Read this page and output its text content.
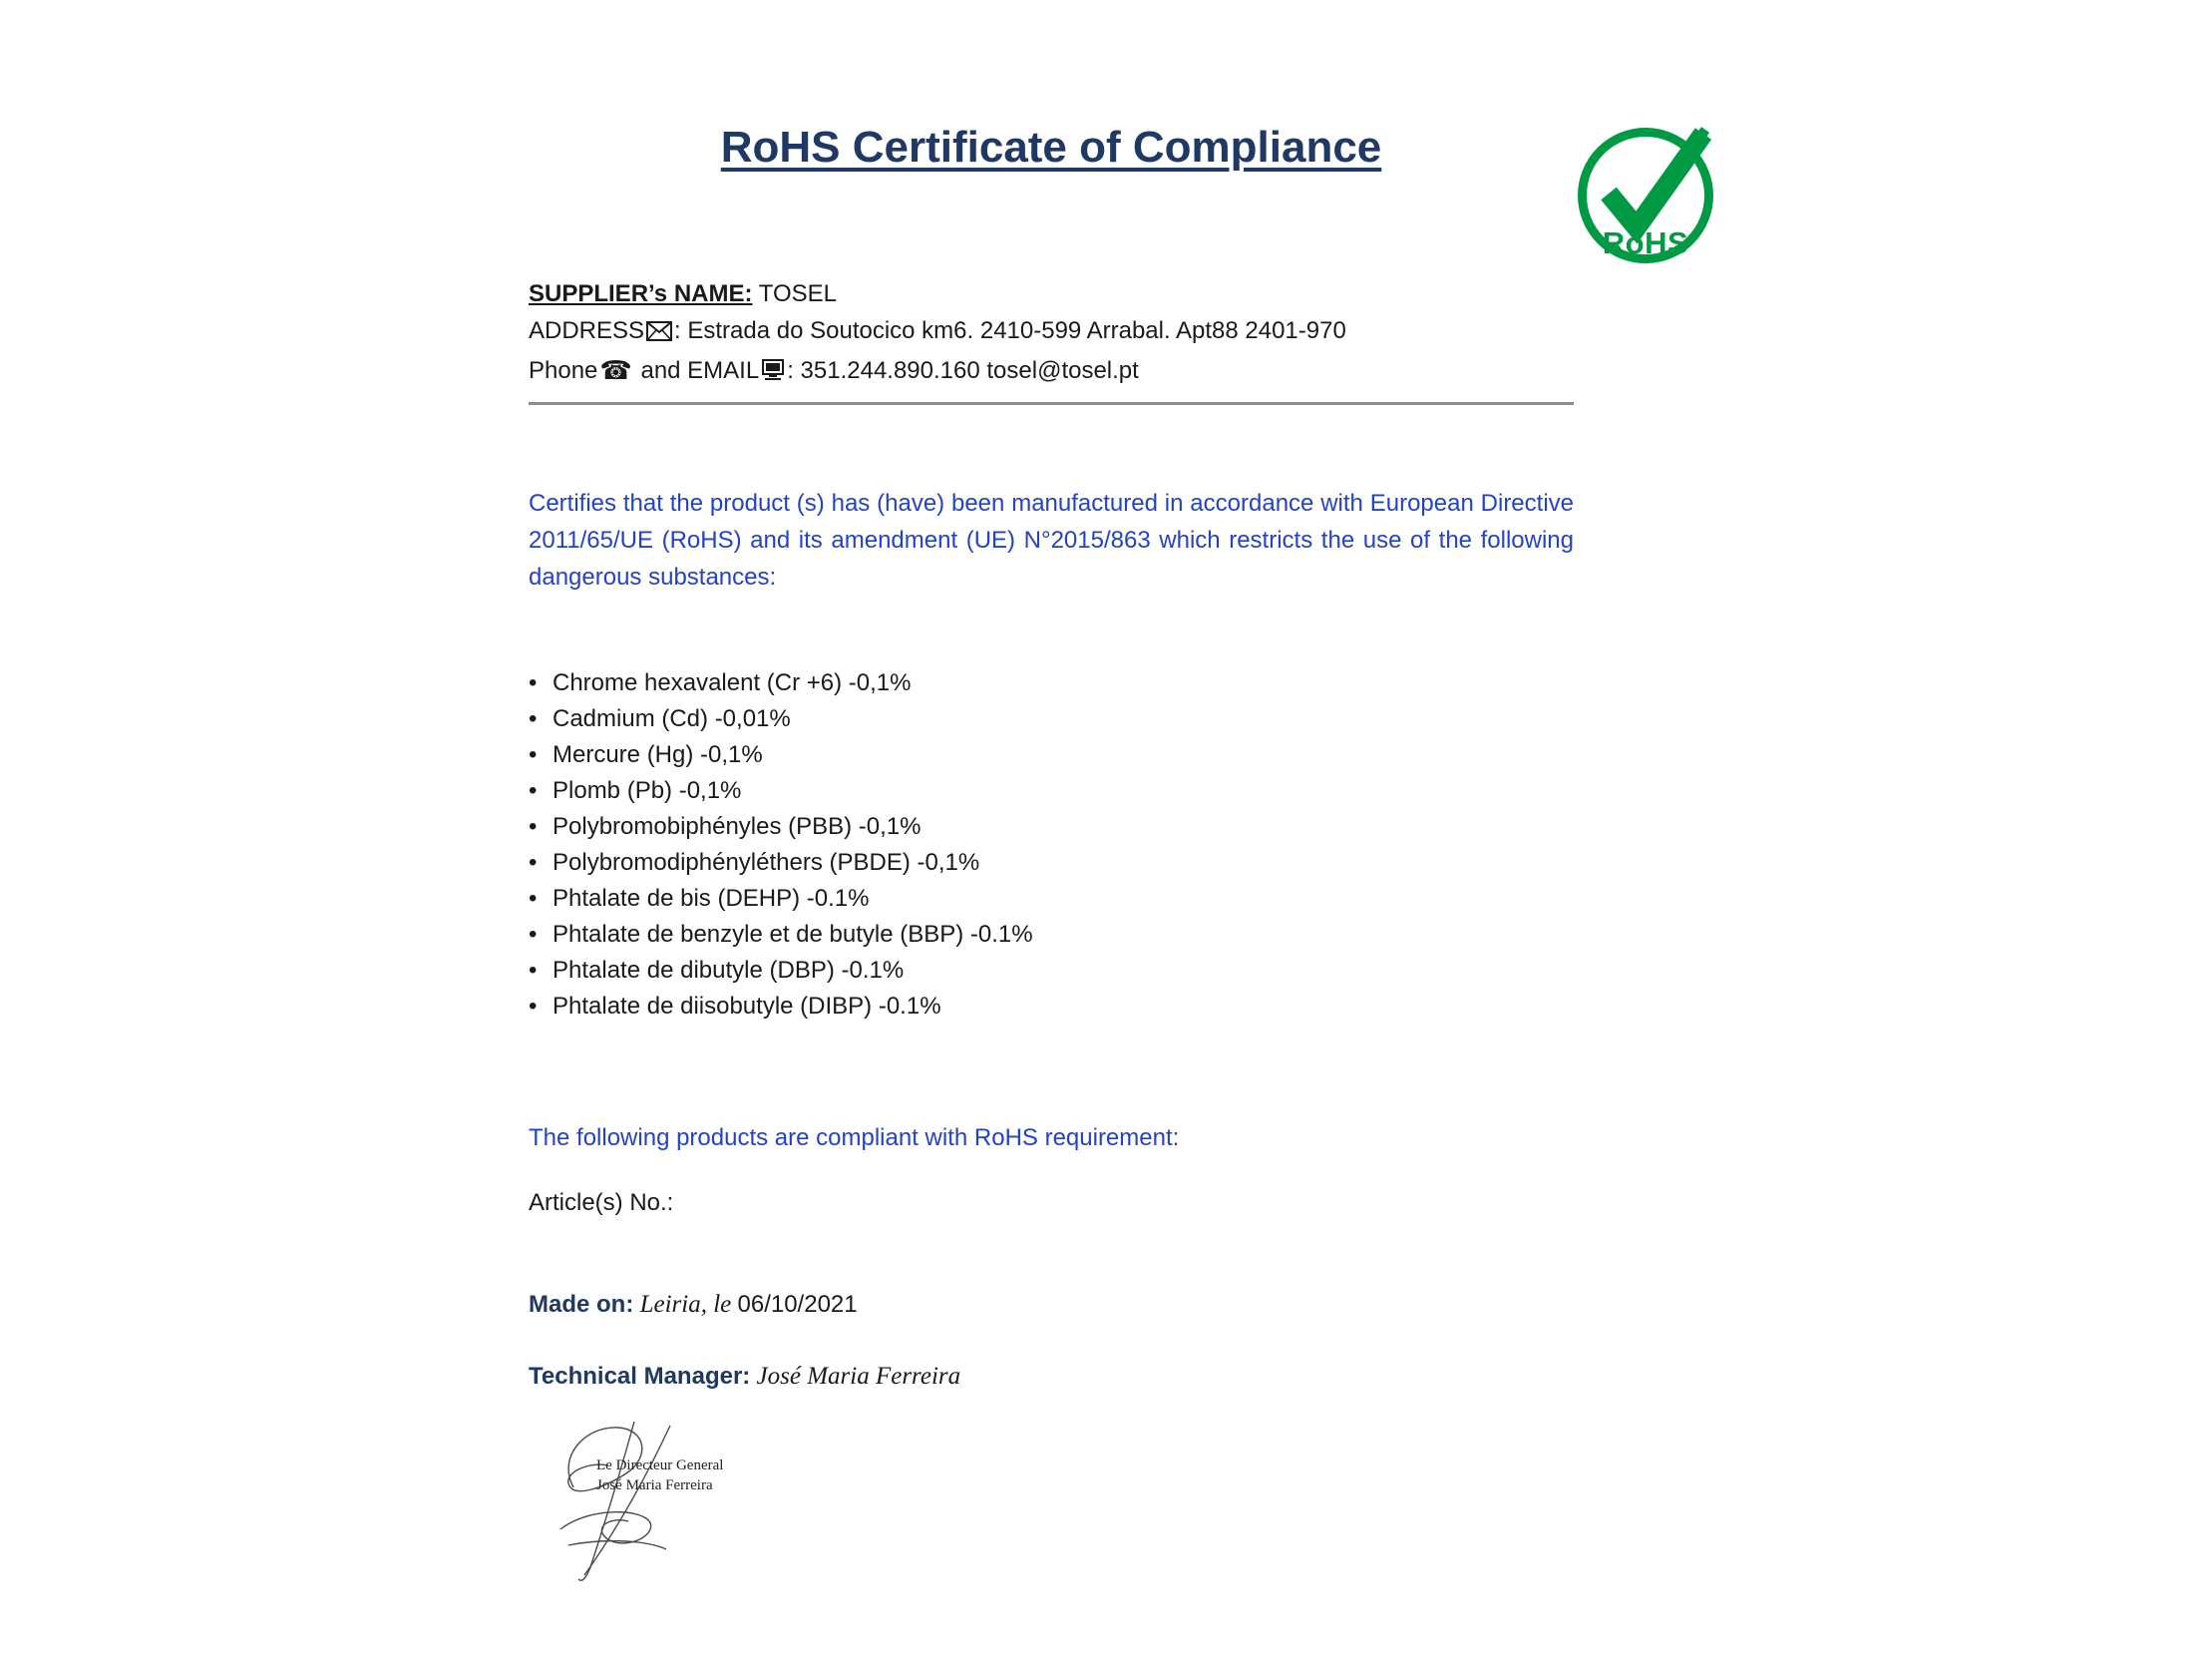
RoHS
RoHS Certificate of Compliance
SUPPLIER’s NAME: TOSEL
ADDRESS : Estrada do Soutocico km6. 2410-599 Arrabal. Apt88 2401-970
Phone☎ and EMAIL : 351.244.890.160 tosel@tosel.pt

Certifies that the product (s) has (have) been manufactured in accordance with European Directive 2011/65/UE (RoHS) and its amendment (UE) N°2015/863 which restricts the use of the following dangerous substances:

• Chrome hexavalent (Cr +6) -0,1%
• Cadmium (Cd) -0,01%
• Mercure (Hg) -0,1%
• Plomb (Pb) -0,1%
• Polybromobiphényles (PBB) -0,1%
• Polybromodiphényléthers (PBDE) -0,1%
• Phtalate de bis (DEHP) -0.1%
• Phtalate de benzyle et de butyle (BBP) -0.1%
• Phtalate de dibutyle (DBP) -0.1%
• Phtalate de diisobutyle (DIBP) -0.1%
The following products are compliant with RoHS requirement:
Article(s) No.:
Made on: Leiria, le 06/10/2021
Technical Manager: José Maria Ferreira
Le Directeur General
José Maria Ferreira
